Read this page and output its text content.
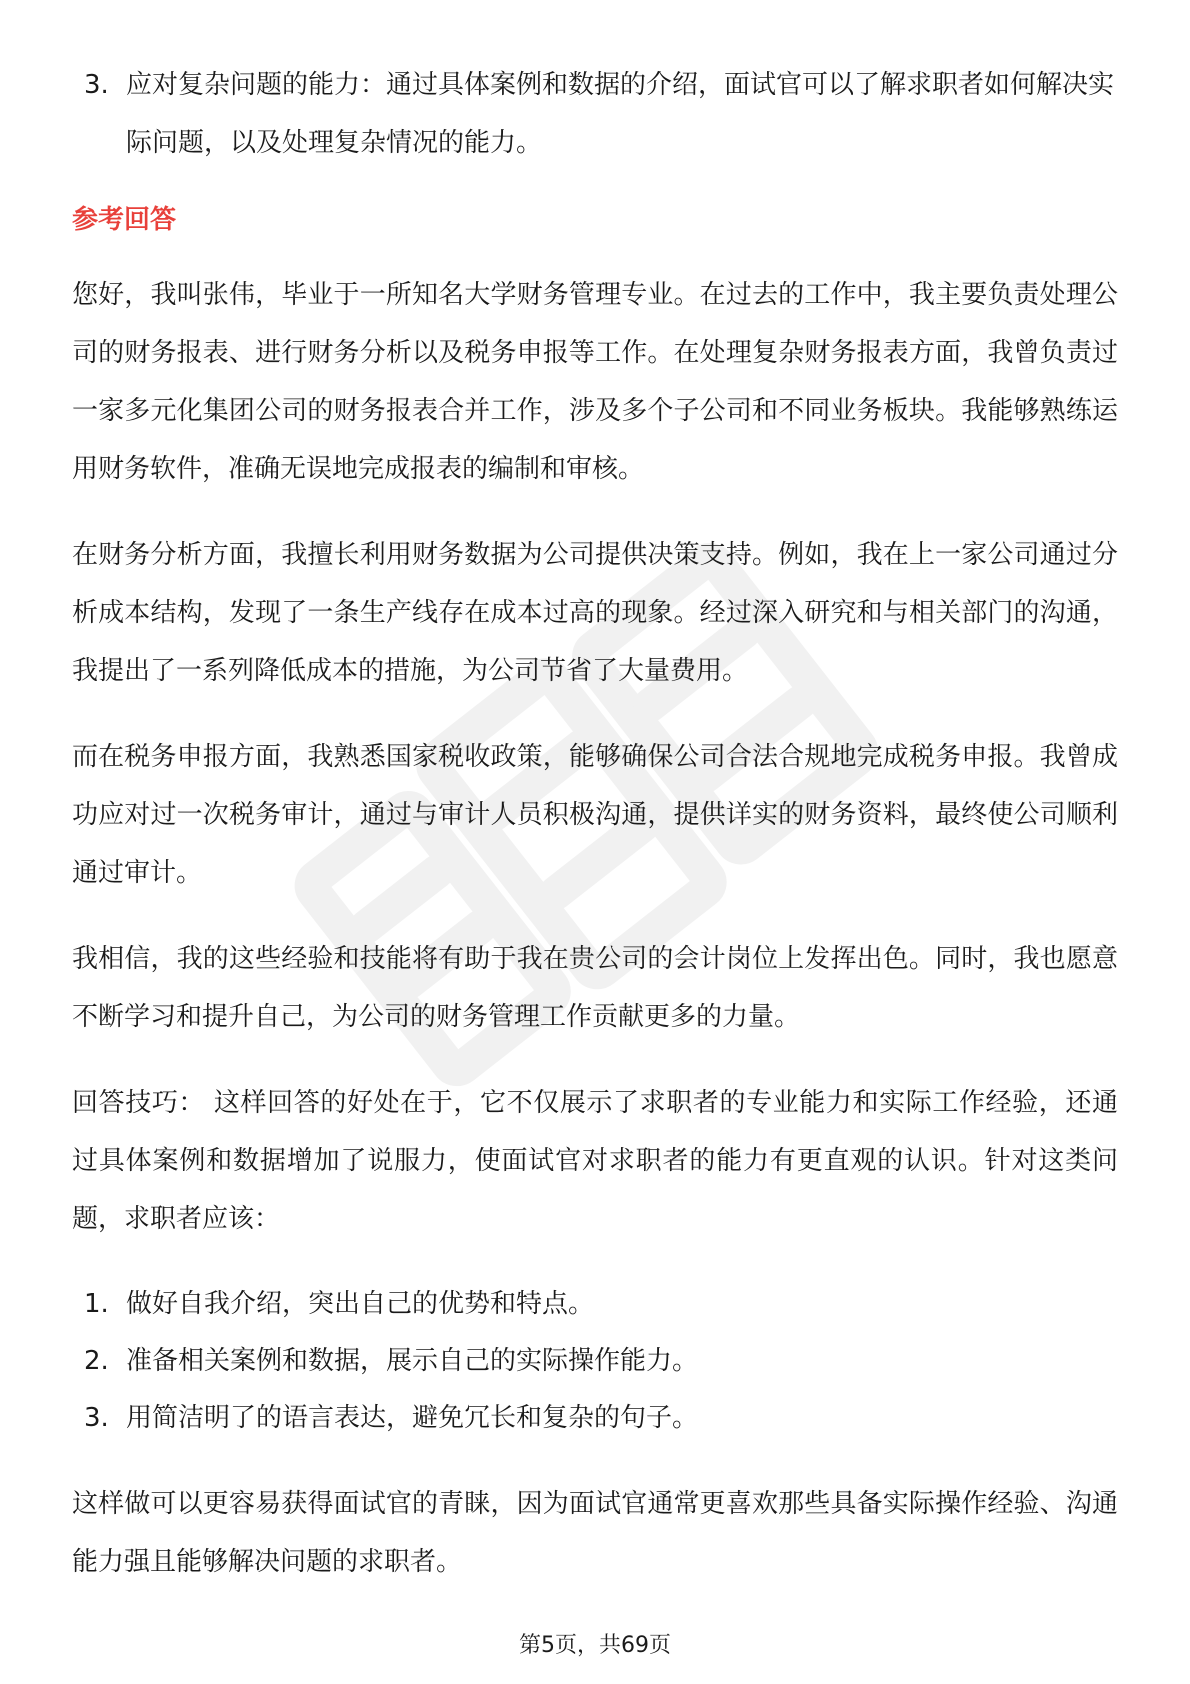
3. 应对复杂问题的能力：通过具体案例和数据的介绍，面试官可以了解求职者如何解决实际问题，以及处理复杂情况的能力。
参考回答

您好，我叫张伟，毕业于一所知名大学财务管理专业。在过去的工作中，我主要负责处理公司的财务报表、进行财务分析以及税务申报等工作。在处理复杂财务报表方面，我曾负责过一家多元化集团公司的财务报表合并工作，涉及多个子公司和不同业务板块。我能够熟练运用财务软件，准确无误地完成报表的编制和审核。

在财务分析方面，我擅长利用财务数据为公司提供决策支持。例如，我在上一家公司通过分析成本结构，发现了一条生产线存在成本过高的现象。经过深入研究和与相关部门的沟通，我提出了一系列降低成本的措施，为公司节省了大量费用。

而在税务申报方面，我熟悉国家税收政策，能够确保公司合法合规地完成税务申报。我曾成功应对过一次税务审计，通过与审计人员积极沟通，提供详实的财务资料，最终使公司顺利通过审计。

我相信，我的这些经验和技能将有助于我在贵公司的会计岗位上发挥出色。同时，我也愿意不断学习和提升自己，为公司的财务管理工作贡献更多的力量。

回答技巧： 这样回答的好处在于，它不仅展示了求职者的专业能力和实际工作经验，还通过具体案例和数据增加了说服力，使面试官对求职者的能力有更直观的认识。针对这类问题，求职者应该：

1. 做好自我介绍，突出自己的优势和特点。
2. 准备相关案例和数据，展示自己的实际操作能力。
3. 用简洁明了的语言表达，避免冗长和复杂的句子。

这样做可以更容易获得面试官的青睐，因为面试官通常更喜欢那些具备实际操作经验、沟通能力强且能够解决问题的求职者。

第5页，共69页
